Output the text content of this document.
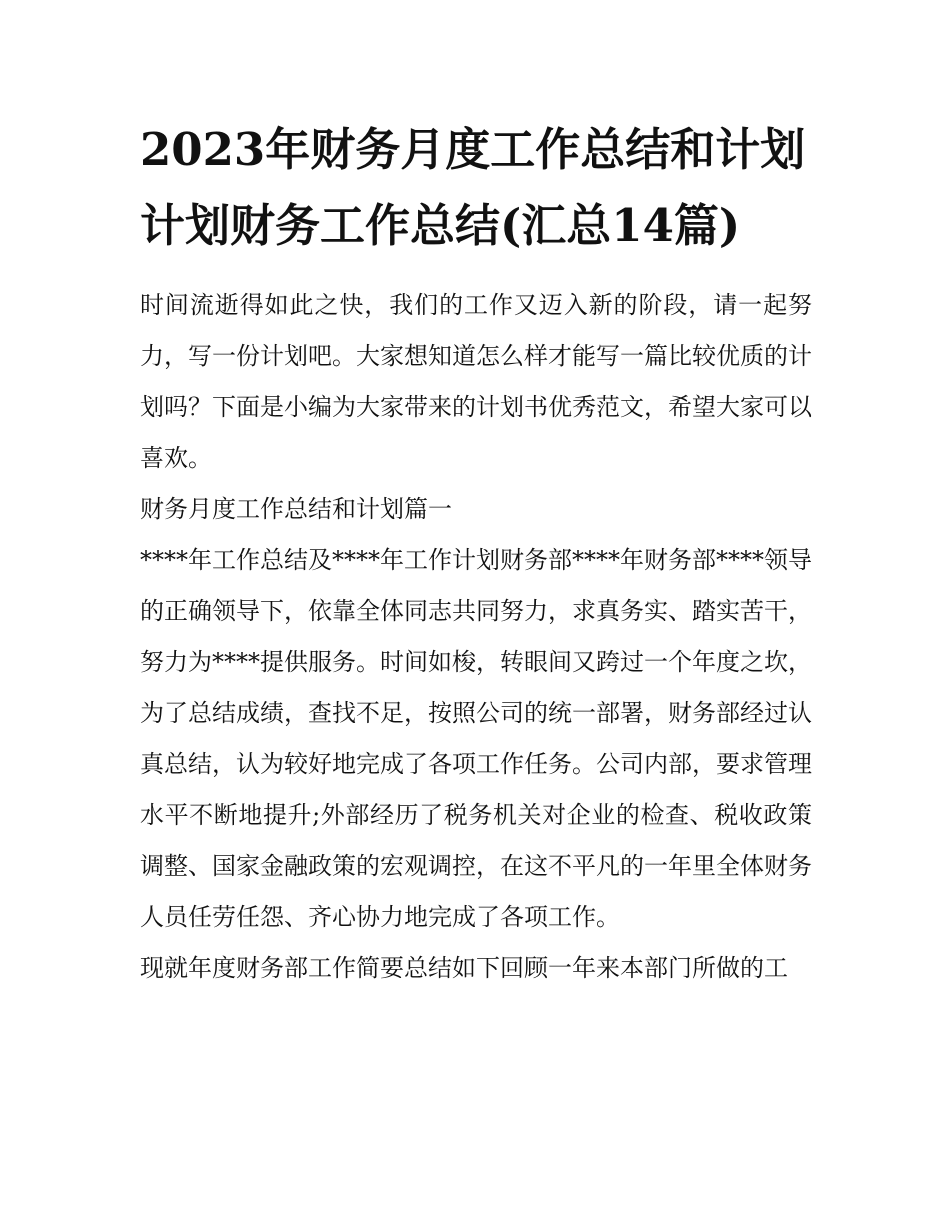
2023年财务月度工作总结和计划 计划财务工作总结(汇总14篇)

时间流逝得如此之快，我们的工作又迈入新的阶段，请一起努力，写一份计划吧。大家想知道怎么样才能写一篇比较优质的计划吗？下面是小编为大家带来的计划书优秀范文，希望大家可以喜欢。

财务月度工作总结和计划篇一

****年工作总结及****年工作计划财务部****年财务部****领导的正确领导下，依靠全体同志共同努力，求真务实、踏实苦干，努力为****提供服务。时间如梭，转眼间又跨过一个年度之坎，为了总结成绩，查找不足，按照公司的统一部署，财务部经过认真总结，认为较好地完成了各项工作任务。公司内部，要求管理水平不断地提升;外部经历了税务机关对企业的检查、税收政策调整、国家金融政策的宏观调控，在这不平凡的一年里全体财务人员任劳任怨、齐心协力地完成了各项工作。

现就年度财务部工作简要总结如下回顾一年来本部门所做的工
